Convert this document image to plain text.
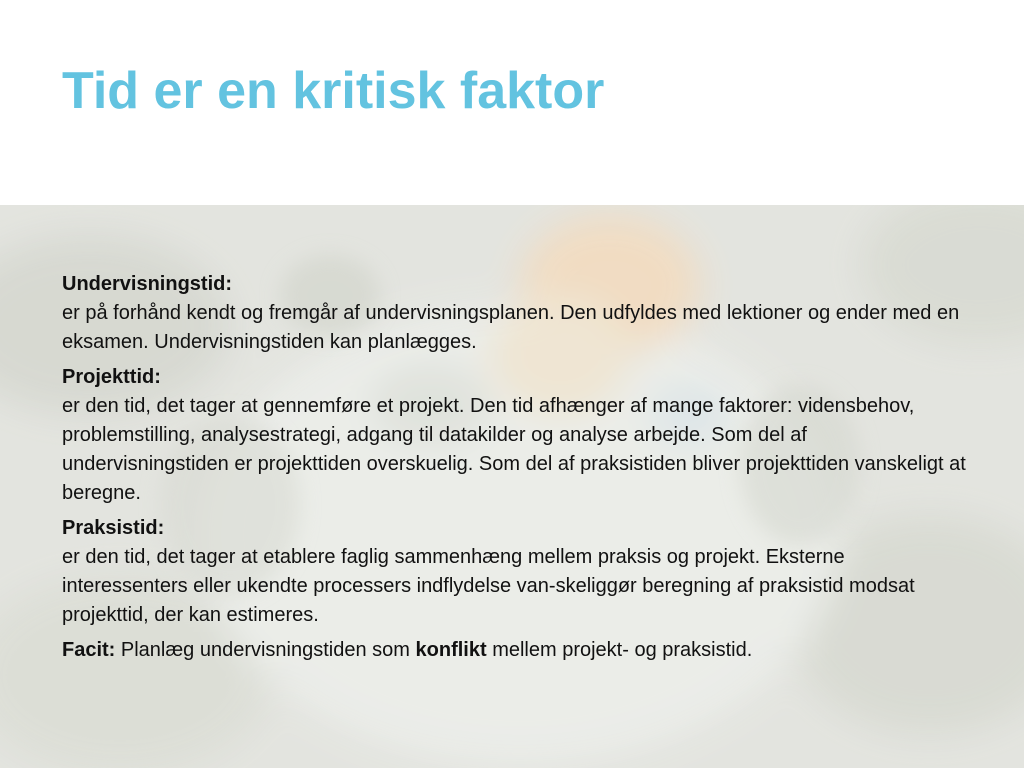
Tid er en kritisk faktor
Undervisningstid:
er på forhånd kendt og fremgår af undervisningsplanen. Den udfyldes med lektioner og ender med en eksamen. Undervisningstiden kan planlægges.
Projekttid:
er den tid, det tager at gennemføre et projekt. Den tid afhænger af mange faktorer: vidensbehov, problemstilling, analysestrategi, adgang til datakilder og analyse arbejde. Som del af undervisningstiden er projekttiden overskuelig. Som del af praksistiden bliver projekttiden vanskeligt at beregne.
Praksistid:
er den tid, det tager at etablere faglig sammenhæng mellem praksis og projekt. Eksterne interessenters eller ukendte processers indflydelse van-skeliggør beregning af praksistid modsat projekttid, der kan estimeres.
Facit: Planlæg undervisningstiden som konflikt mellem projekt- og praksistid.
